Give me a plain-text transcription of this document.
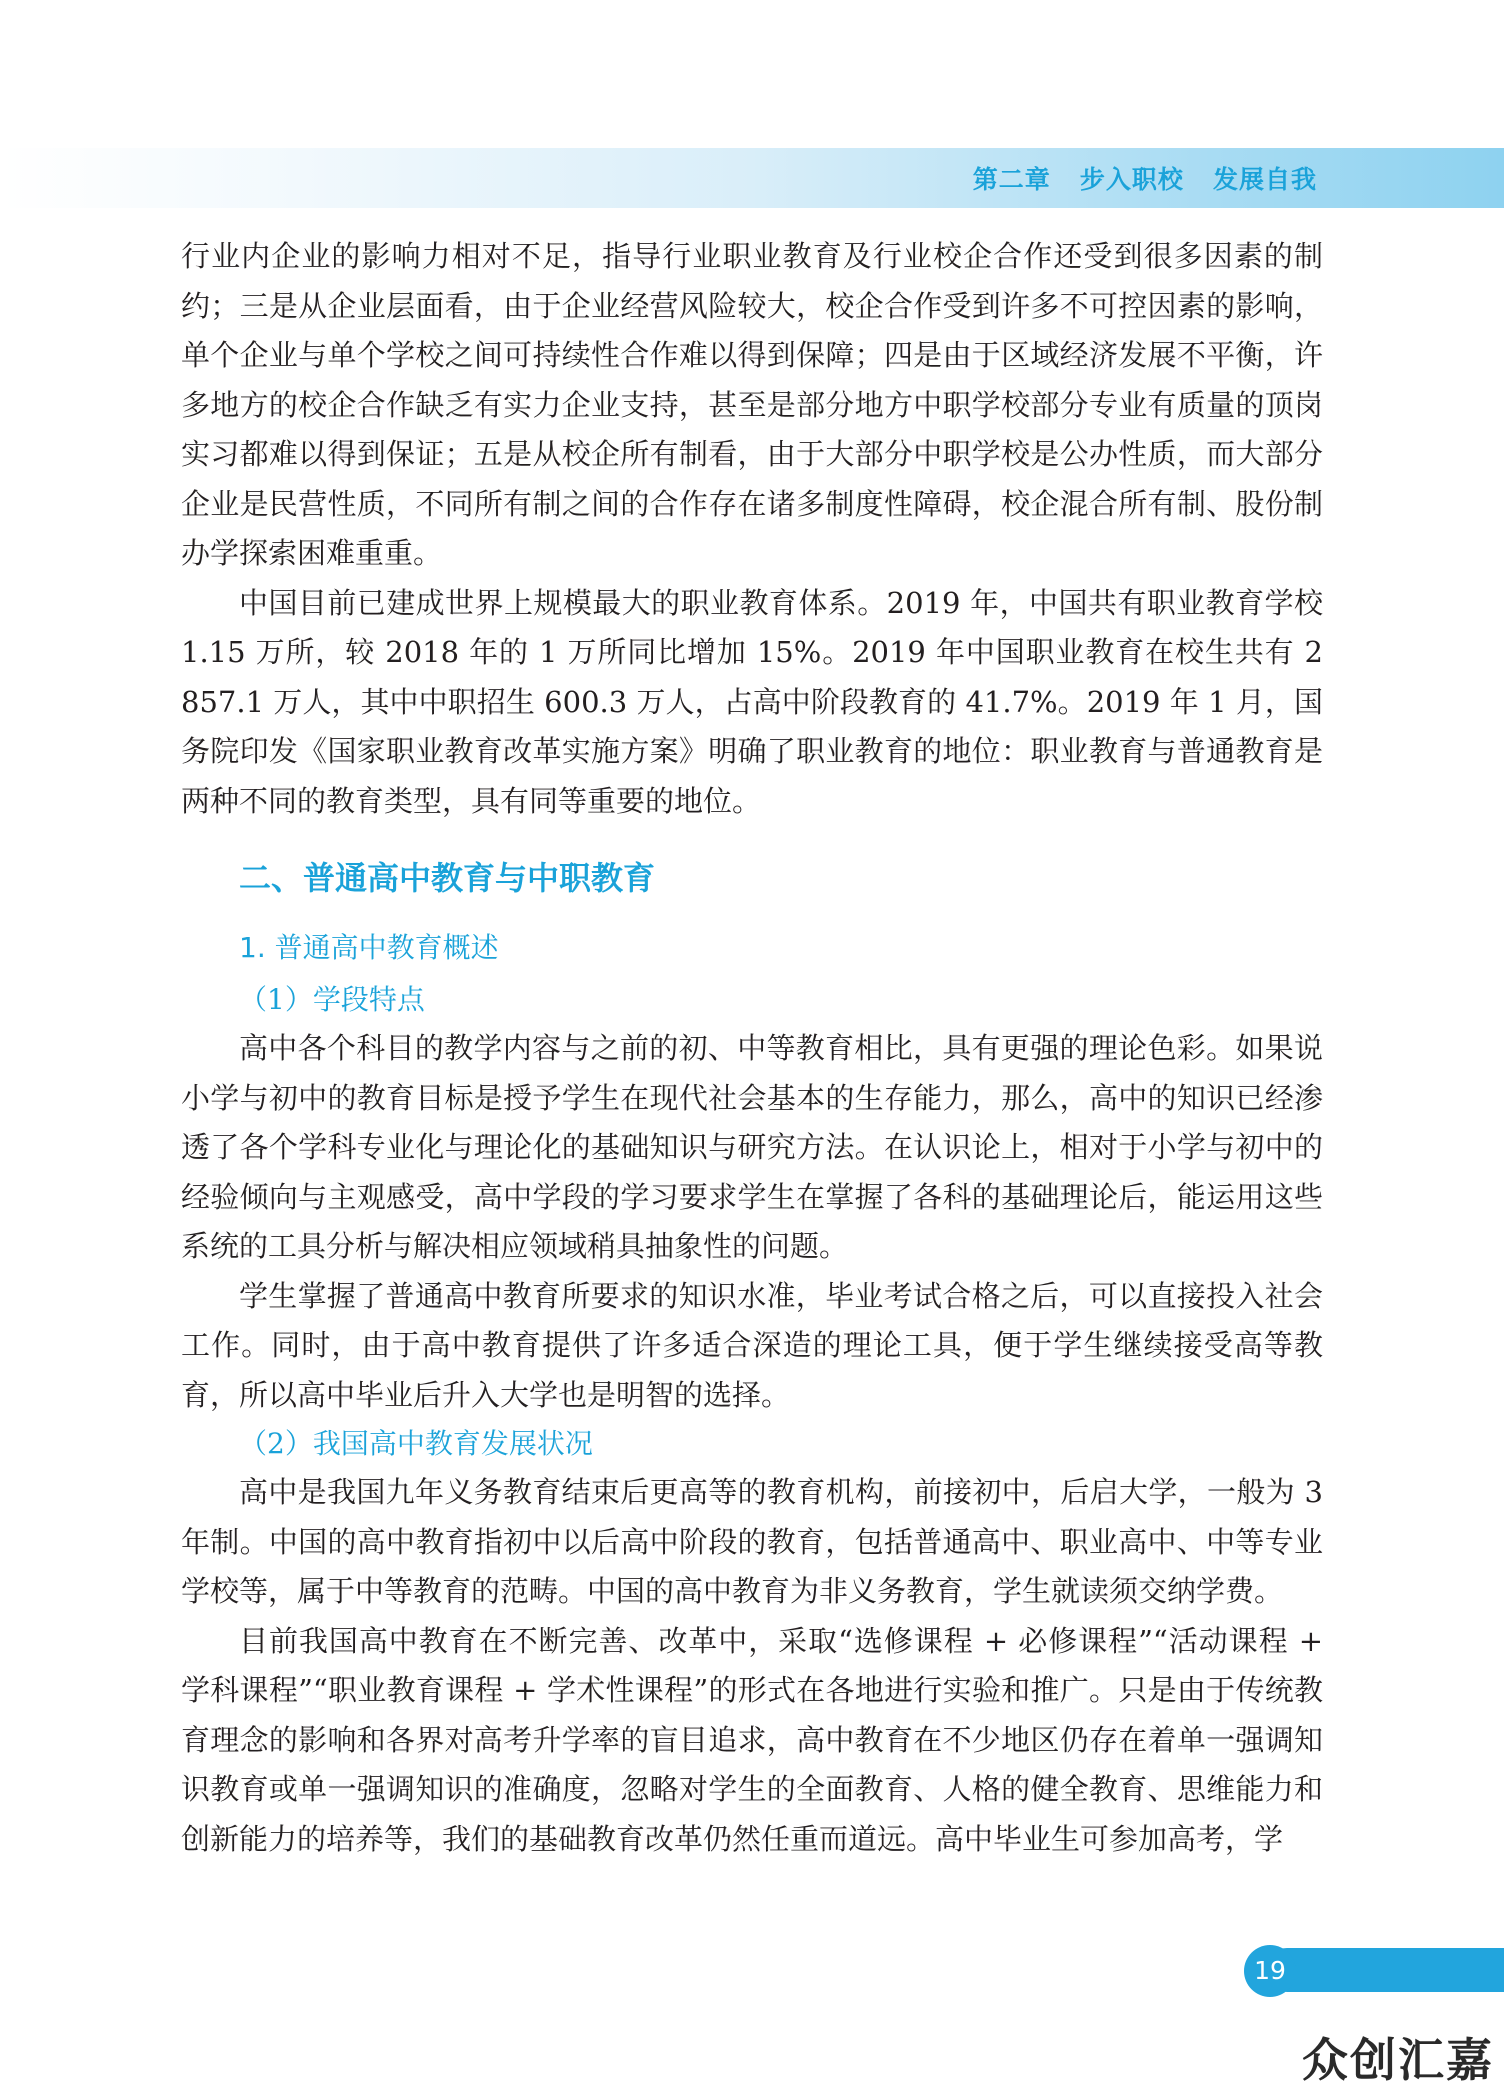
第二章 步入职校 发展自我

行业内企业的影响力相对不足，指导行业职业教育及行业校企合作还受到很多因素的制约；三是从企业层面看，由于企业经营风险较大，校企合作受到许多不可控因素的影响，单个企业与单个学校之间可持续性合作难以得到保障；四是由于区域经济发展不平衡，许多地方的校企合作缺乏有实力企业支持，甚至是部分地方中职学校部分专业有质量的顶岗实习都难以得到保证；五是从校企所有制看，由于大部分中职学校是公办性质，而大部分企业是民营性质，不同所有制之间的合作存在诸多制度性障碍，校企混合所有制、股份制办学探索困难重重。

中国目前已建成世界上规模最大的职业教育体系。2019 年，中国共有职业教育学校 1.15 万所，较 2018 年的 1 万所同比增加 15%。2019 年中国职业教育在校生共有 2 857.1 万人，其中中职招生 600.3 万人，占高中阶段教育的 41.7%。2019 年 1 月，国务院印发《国家职业教育改革实施方案》明确了职业教育的地位：职业教育与普通教育是两种不同的教育类型，具有同等重要的地位。

二、普通高中教育与中职教育
1. 普通高中教育概述
（1）学段特点

高中各个科目的教学内容与之前的初、中等教育相比，具有更强的理论色彩。如果说小学与初中的教育目标是授予学生在现代社会基本的生存能力，那么，高中的知识已经渗透了各个学科专业化与理论化的基础知识与研究方法。在认识论上，相对于小学与初中的经验倾向与主观感受，高中学段的学习要求学生在掌握了各科的基础理论后，能运用这些系统的工具分析与解决相应领域稍具抽象性的问题。

学生掌握了普通高中教育所要求的知识水准，毕业考试合格之后，可以直接投入社会工作。同时，由于高中教育提供了许多适合深造的理论工具，便于学生继续接受高等教育，所以高中毕业后升入大学也是明智的选择。

（2）我国高中教育发展状况

高中是我国九年义务教育结束后更高等的教育机构，前接初中，后启大学，一般为 3 年制。中国的高中教育指初中以后高中阶段的教育，包括普通高中、职业高中、中等专业学校等，属于中等教育的范畴。中国的高中教育为非义务教育，学生就读须交纳学费。

目前我国高中教育在不断完善、改革中，采取“选修课程 + 必修课程”“活动课程 + 学科课程”“职业教育课程 + 学术性课程”的形式在各地进行实验和推广。只是由于传统教育理念的影响和各界对高考升学率的盲目追求，高中教育在不少地区仍存在着单一强调知识教育或单一强调知识的准确度，忽略对学生的全面教育、人格的健全教育、思维能力和创新能力的培养等，我们的基础教育改革仍然任重而道远。高中毕业生可参加高考，学

19
众创汇嘉
